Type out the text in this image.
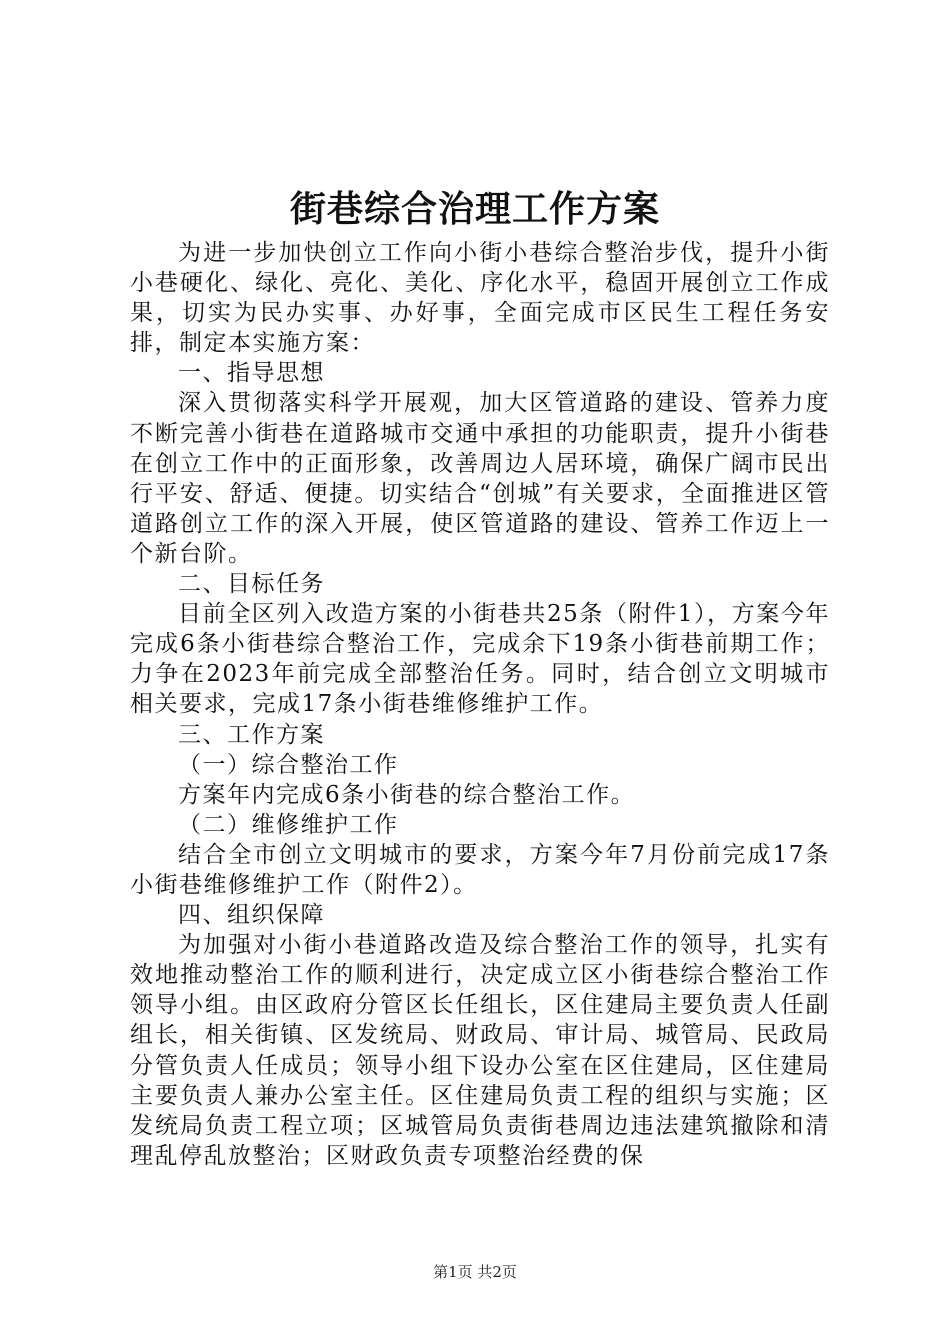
街巷综合治理工作方案

为进一步加快创立工作向小街小巷综合整治步伐，提升小街小巷硬化、绿化、亮化、美化、序化水平，稳固开展创立工作成果，切实为民办实事、办好事，全面完成市区民生工程任务安排，制定本实施方案：

一、指导思想

深入贯彻落实科学开展观，加大区管道路的建设、管养力度不断完善小街巷在道路城市交通中承担的功能职责，提升小街巷在创立工作中的正面形象，改善周边人居环境，确保广阔市民出行平安、舒适、便捷。切实结合“创城”有关要求，全面推进区管道路创立工作的深入开展，使区管道路的建设、管养工作迈上一个新台阶。

二、目标任务

目前全区列入改造方案的小街巷共25条（附件1），方案今年完成6条小街巷综合整治工作，完成余下19条小街巷前期工作；力争在2023年前完成全部整治任务。同时，结合创立文明城市相关要求，完成17条小街巷维修维护工作。

三、工作方案

（一）综合整治工作

方案年内完成6条小街巷的综合整治工作。

（二）维修维护工作

结合全市创立文明城市的要求，方案今年7月份前完成17条小街巷维修维护工作（附件2）。

四、组织保障

为加强对小街小巷道路改造及综合整治工作的领导，扎实有效地推动整治工作的顺利进行，决定成立区小街巷综合整治工作领导小组。由区政府分管区长任组长，区住建局主要负责人任副组长，相关街镇、区发统局、财政局、审计局、城管局、民政局分管负责人任成员；领导小组下设办公室在区住建局，区住建局主要负责人兼办公室主任。区住建局负责工程的组织与实施；区发统局负责工程立项；区城管局负责街巷周边违法建筑撤除和清理乱停乱放整治；区财政负责专项整治经费的保

第1页 共2页
